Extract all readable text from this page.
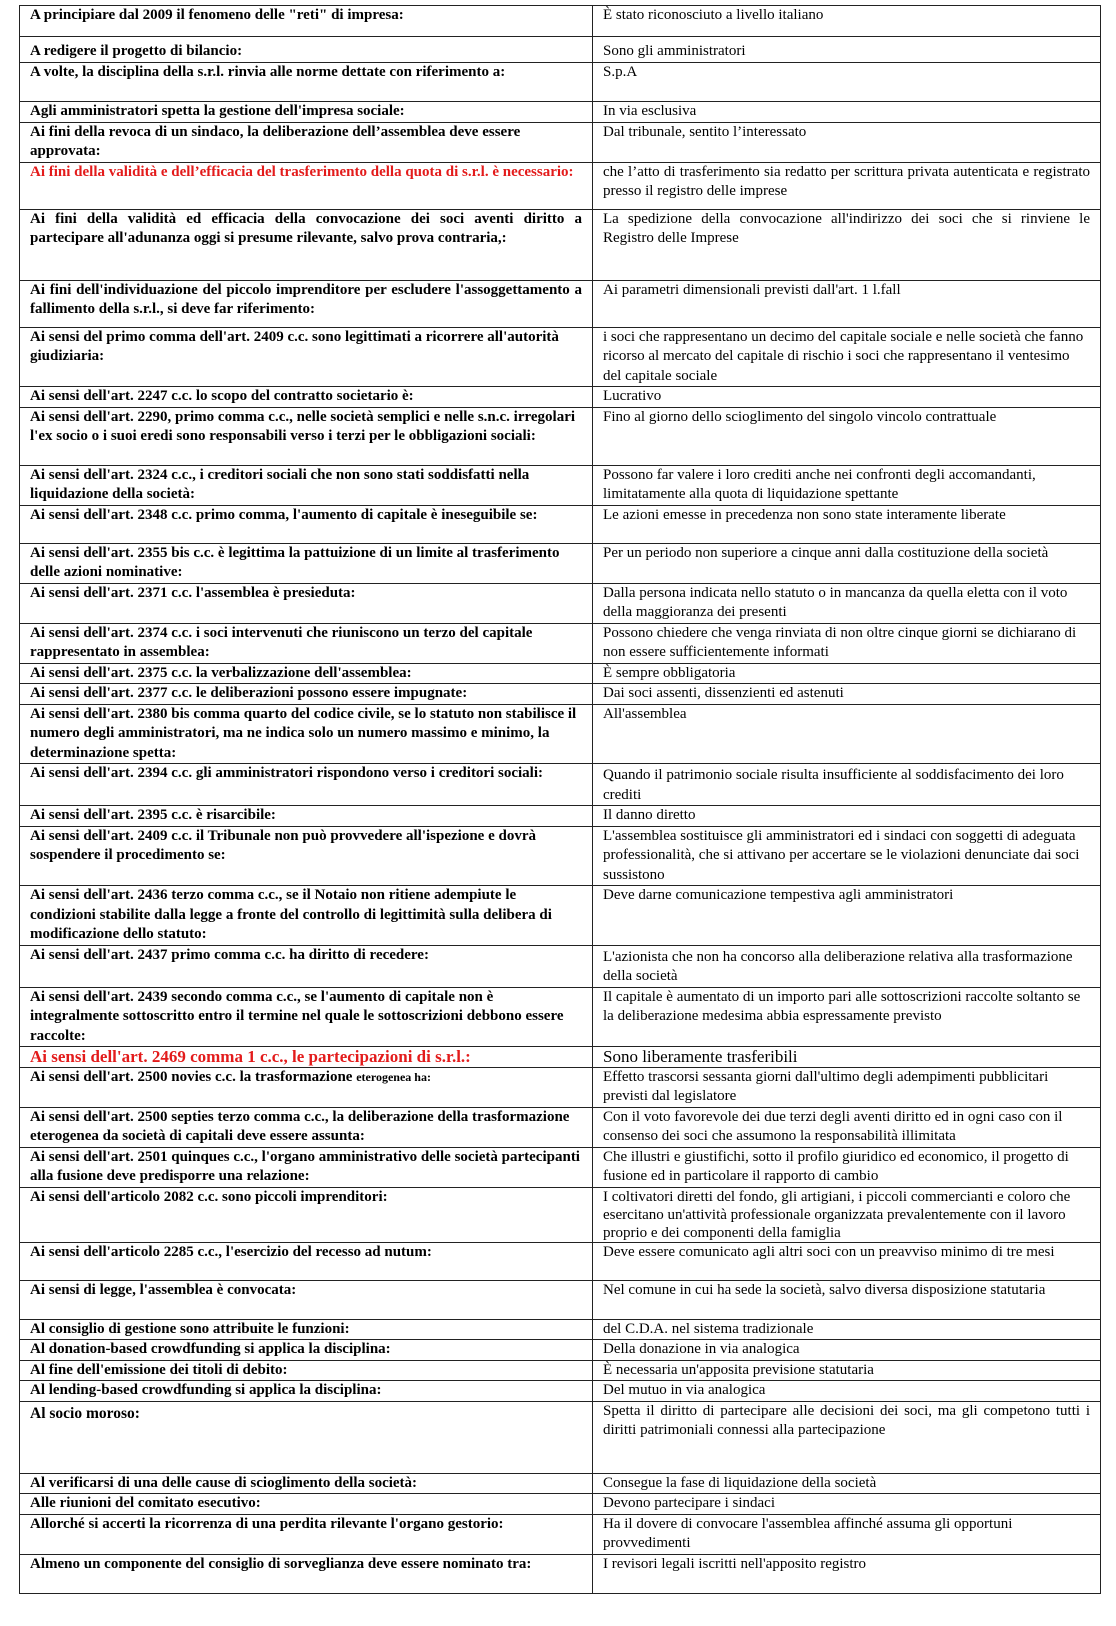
A principiare dal 2009 il fenomeno delle "reti" di impresa:	È stato riconosciuto a livello italiano
A redigere il progetto di bilancio:	Sono gli amministratori
A volte, la disciplina della s.r.l. rinvia alle norme dettate con riferimento a:	S.p.A
Agli amministratori spetta la gestione dell'impresa sociale:	In via esclusiva
Ai fini della revoca di un sindaco, la deliberazione dell’assemblea deve essere approvata:	Dal tribunale, sentito l’interessato
Ai fini della validità e dell’efficacia del trasferimento della quota di s.r.l. è necessario:	che l’atto di trasferimento sia redatto per scrittura privata autenticata e registrato presso il registro delle imprese
Ai fini della validità ed efficacia della convocazione dei soci aventi diritto a partecipare all'adunanza oggi si presume rilevante, salvo prova contraria,:	La spedizione della convocazione all'indirizzo dei soci che si rinviene le Registro delle Imprese
Ai fini dell'individuazione del piccolo imprenditore per escludere l'assoggettamento a fallimento della s.r.l., si deve far riferimento:	Ai parametri dimensionali previsti dall'art. 1 l.fall
Ai sensi del primo comma dell'art. 2409 c.c. sono legittimati a ricorrere all'autorità giudiziaria:	i soci che rappresentano un decimo del capitale sociale e nelle società che fanno ricorso al mercato del capitale di rischio i soci che rappresentano il ventesimo del capitale sociale
Ai sensi dell'art. 2247 c.c. lo scopo del contratto societario è:	Lucrativo
Ai sensi dell'art. 2290, primo comma c.c., nelle società semplici e nelle s.n.c. irregolari l'ex socio o i suoi eredi sono responsabili verso i terzi per le obbligazioni sociali:	Fino al giorno dello scioglimento del singolo vincolo contrattuale
Ai sensi dell'art. 2324 c.c., i creditori sociali che non sono stati soddisfatti nella liquidazione della società:	Possono far valere i loro crediti anche nei confronti degli accomandanti, limitatamente alla quota di liquidazione spettante
Ai sensi dell'art. 2348 c.c. primo comma, l'aumento di capitale è ineseguibile se:	Le azioni emesse in precedenza non sono state interamente liberate
Ai sensi dell'art. 2355 bis c.c. è legittima la pattuizione di un limite al trasferimento delle azioni nominative:	Per un periodo non superiore a cinque anni dalla costituzione della società
Ai sensi dell'art. 2371 c.c. l'assemblea è presieduta:	Dalla persona indicata nello statuto o in mancanza da quella eletta con il voto della maggioranza dei presenti
Ai sensi dell'art. 2374 c.c. i soci intervenuti che riuniscono un terzo del capitale rappresentato in assemblea:	Possono chiedere che venga rinviata di non oltre cinque giorni se dichiarano di non essere sufficientemente informati
Ai sensi dell'art. 2375 c.c. la verbalizzazione dell'assemblea:	È sempre obbligatoria
Ai sensi dell'art. 2377 c.c. le deliberazioni possono essere impugnate:	Dai soci assenti, dissenzienti ed astenuti
Ai sensi dell'art. 2380 bis comma quarto del codice civile, se lo statuto non stabilisce il numero degli amministratori, ma ne indica solo un numero massimo e minimo, la determinazione spetta:	All'assemblea
Ai sensi dell'art. 2394 c.c. gli amministratori rispondono verso i creditori sociali:	Quando il patrimonio sociale risulta insufficiente al soddisfacimento dei loro crediti
Ai sensi dell'art. 2395 c.c. è risarcibile:	Il danno diretto
Ai sensi dell'art. 2409 c.c. il Tribunale non può provvedere all'ispezione e dovrà sospendere il procedimento se:	L'assemblea sostituisce gli amministratori ed i sindaci con soggetti di adeguata professionalità, che si attivano per accertare se le violazioni denunciate dai soci sussistono
Ai sensi dell'art. 2436 terzo comma c.c., se il Notaio non ritiene adempiute le condizioni stabilite dalla legge a fronte del controllo di legittimità sulla delibera di modificazione dello statuto:	Deve darne comunicazione tempestiva agli amministratori
Ai sensi dell'art. 2437 primo comma c.c. ha diritto di recedere:	L'azionista che non ha concorso alla deliberazione relativa alla trasformazione della società
Ai sensi dell'art. 2439 secondo comma c.c., se l'aumento di capitale non è integralmente sottoscritto entro il termine nel quale le sottoscrizioni debbono essere raccolte:	Il capitale è aumentato di un importo pari alle sottoscrizioni raccolte soltanto se la deliberazione medesima abbia espressamente previsto
Ai sensi dell'art. 2469 comma 1 c.c., le partecipazioni di s.r.l.:	Sono liberamente trasferibili
Ai sensi dell'art. 2500 novies c.c. la trasformazione eterogenea ha:	Effetto trascorsi sessanta giorni dall'ultimo degli adempimenti pubblicitari previsti dal legislatore
Ai sensi dell'art. 2500 septies terzo comma c.c., la deliberazione della trasformazione eterogenea da società di capitali deve essere assunta:	Con il voto favorevole dei due terzi degli aventi diritto ed in ogni caso con il consenso dei soci che assumono la responsabilità illimitata
Ai sensi dell'art. 2501 quinques c.c., l'organo amministrativo delle società partecipanti alla fusione deve predisporre una relazione:	Che illustri e giustifichi, sotto il profilo giuridico ed economico, il progetto di fusione ed in particolare il rapporto di cambio
Ai sensi dell'articolo 2082 c.c. sono piccoli imprenditori:	I coltivatori diretti del fondo, gli artigiani, i piccoli commercianti e coloro che esercitano un'attività professionale organizzata prevalentemente con il lavoro proprio e dei componenti della famiglia
Ai sensi dell'articolo 2285 c.c., l'esercizio del recesso ad nutum:	Deve essere comunicato agli altri soci con un preavviso minimo di tre mesi
Ai sensi di legge, l'assemblea è convocata:	Nel comune in cui ha sede la società, salvo diversa disposizione statutaria
Al consiglio di gestione sono attribuite le funzioni:	del C.D.A. nel sistema tradizionale
Al donation-based crowdfunding si applica la disciplina:	Della donazione in via analogica
Al fine dell'emissione dei titoli di debito:	È necessaria un'apposita previsione statutaria
Al lending-based crowdfunding si applica la disciplina:	Del mutuo in via analogica
Al socio moroso:	Spetta il diritto di partecipare alle decisioni dei soci, ma gli competono tutti i diritti patrimoniali connessi alla partecipazione
Al verificarsi di una delle cause di scioglimento della società:	Consegue la fase di liquidazione della società
Alle riunioni del comitato esecutivo:	Devono partecipare i sindaci
Allorché si accerti la ricorrenza di una perdita rilevante l'organo gestorio:	Ha il dovere di convocare l'assemblea affinché assuma gli opportuni provvedimenti
Almeno un componente del consiglio di sorveglianza deve essere nominato tra:	I revisori legali iscritti nell'apposito registro
